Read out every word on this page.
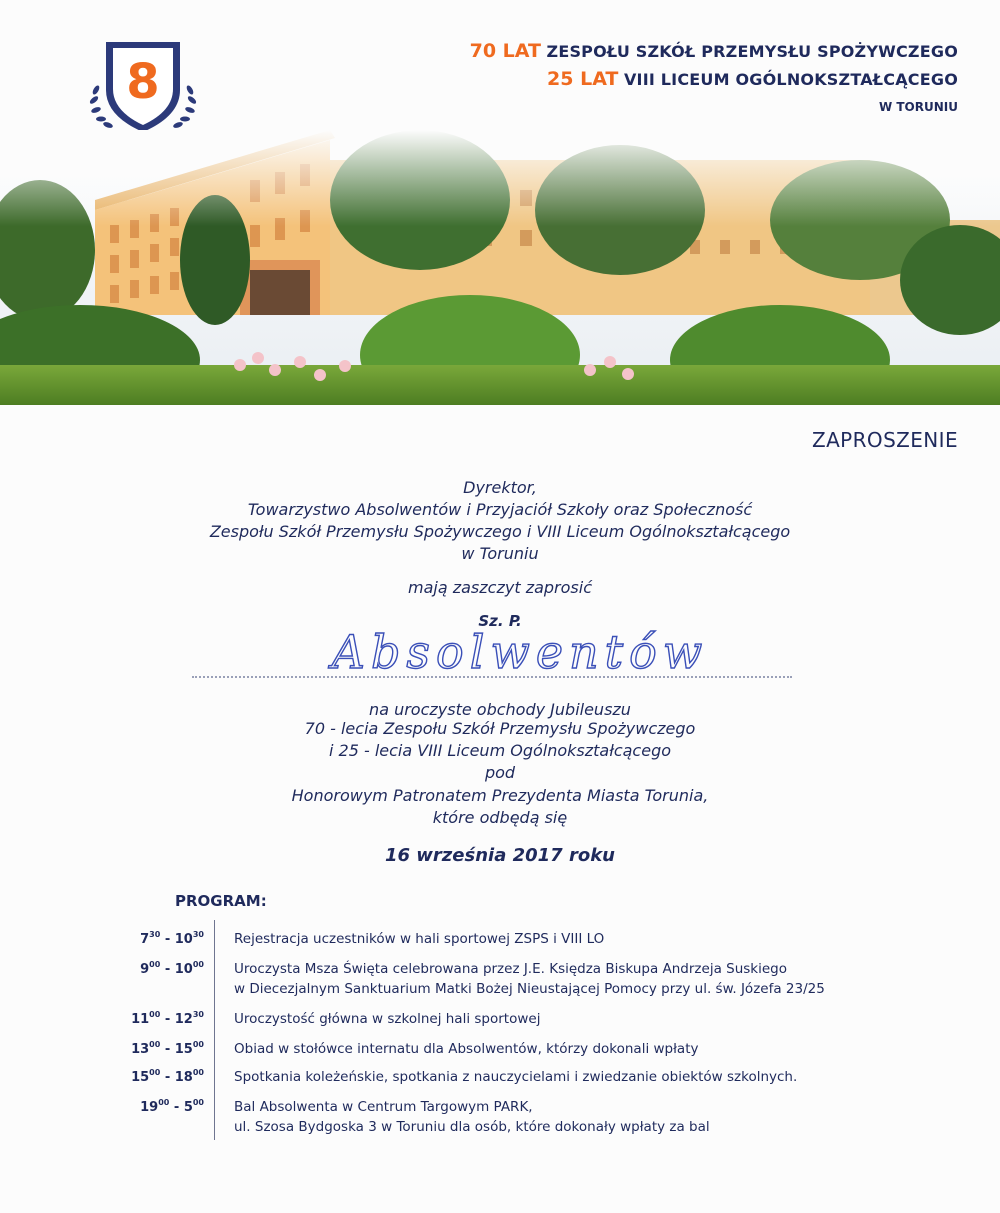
8
70 LAT ZESPOŁU SZKÓŁ PRZEMYSŁU SPOŻYWCZEGO
25 LAT VIII LICEUM OGÓLNOKSZTAŁCĄCEGO
W TORUNIU
ZAPROSZENIE
Dyrektor,
Towarzystwo Absolwentów i Przyjaciół Szkoły oraz Społeczność
Zespołu Szkół Przemysłu Spożywczego i VIII Liceum Ogólnokształcącego
w Toruniu
mają zaszczyt zaprosić
Sz. P.
Absolwentów
na uroczyste obchody Jubileuszu
70 - lecia Zespołu Szkół Przemysłu Spożywczego
i 25 - lecia VIII Liceum Ogólnokształcącego
pod
Honorowym Patronatem Prezydenta Miasta Torunia,
które odbędą się
16 września 2017 roku
PROGRAM:
$7^{30} - 10^{30}$ Rejestracja uczestników w hali sportowej ZSPS i VIII LO
$9^{00} - 10^{00}$ Uroczysta Msza Święta celebrowana przez J.E. Księdza Biskupa Andrzeja Suskiego
w Diecezjalnym Sanktuarium Matki Bożej Nieustającej Pomocy przy ul. św. Józefa 23/25
$11^{00} - 12^{30}$ Uroczystość główna w szkolnej hali sportowej
$13^{00} - 15^{00}$ Obiad w stołówce internatu dla Absolwentów, którzy dokonali wpłaty
$15^{00} - 18^{00}$ Spotkania koleżeńskie, spotkania z nauczycielami i zwiedzanie obiektów szkolnych.
$19^{00} - 5^{00}$ Bal Absolwenta w Centrum Targowym PARK,
ul. Szosa Bydgoska 3 w Toruniu dla osób, które dokonały wpłaty za bal
